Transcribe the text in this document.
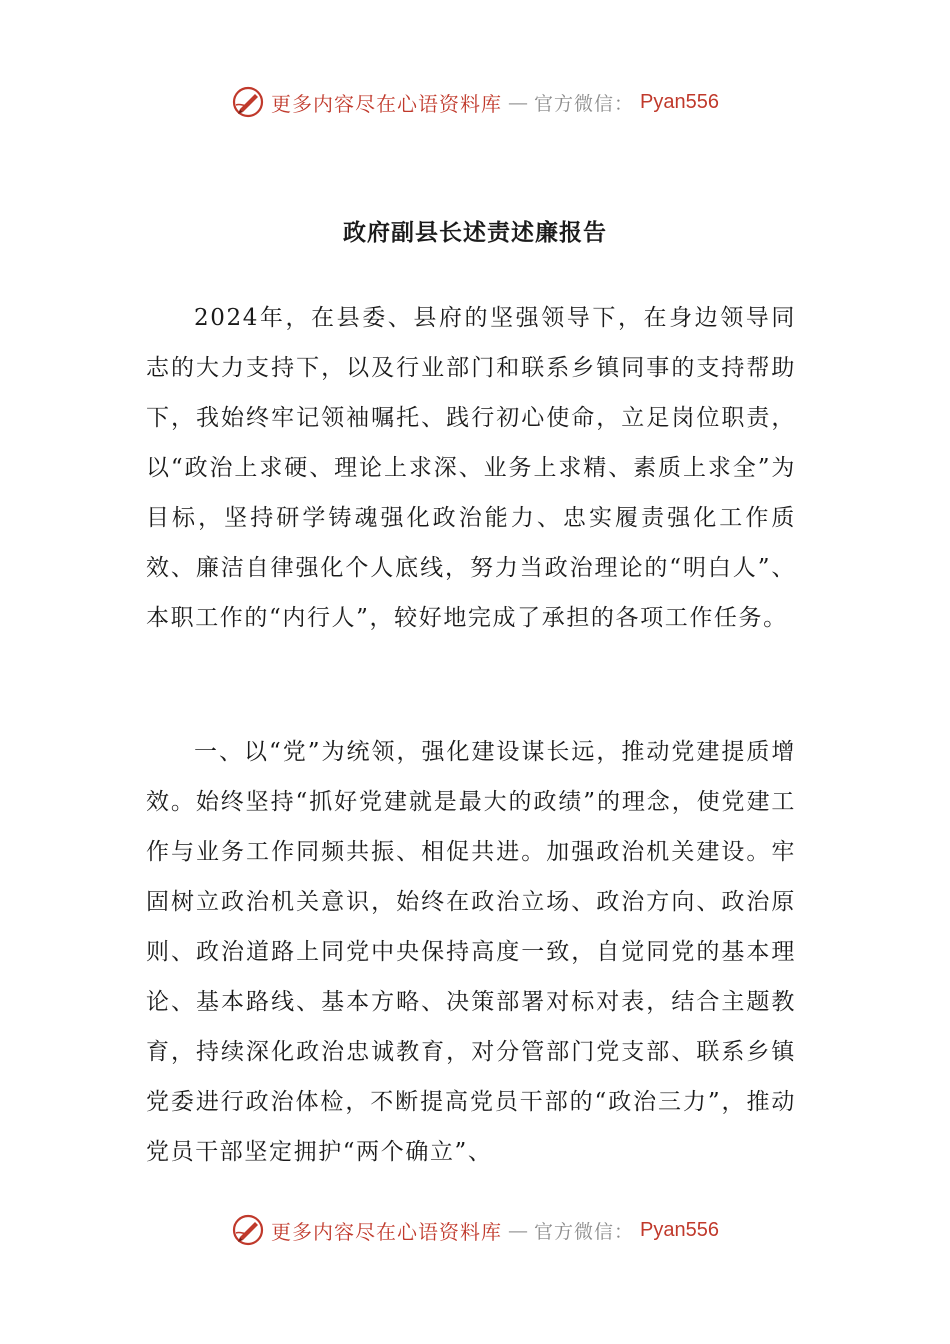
更多内容尽在心语资料库 — 官方微信： Pyan556
政府副县长述责述廉报告

2024年，在县委、县府的坚强领导下，在身边领导同志的大力支持下，以及行业部门和联系乡镇同事的支持帮助下，我始终牢记领袖嘱托、践行初心使命，立足岗位职责，以“政治上求硬、理论上求深、业务上求精、素质上求全”为目标，坚持研学铸魂强化政治能力、忠实履责强化工作质效、廉洁自律强化个人底线，努力当政治理论的“明白人”、本职工作的“内行人”，较好地完成了承担的各项工作任务。

一、以“党”为统领，强化建设谋长远，推动党建提质增效。始终坚持“抓好党建就是最大的政绩”的理念，使党建工作与业务工作同频共振、相促共进。加强政治机关建设。牢固树立政治机关意识，始终在政治立场、政治方向、政治原则、政治道路上同党中央保持高度一致，自觉同党的基本理论、基本路线、基本方略、决策部署对标对表，结合主题教育，持续深化政治忠诚教育，对分管部门党支部、联系乡镇党委进行政治体检，不断提高党员干部的“政治三力”，推动党员干部坚定拥护“两个确立”、

更多内容尽在心语资料库 — 官方微信： Pyan556
